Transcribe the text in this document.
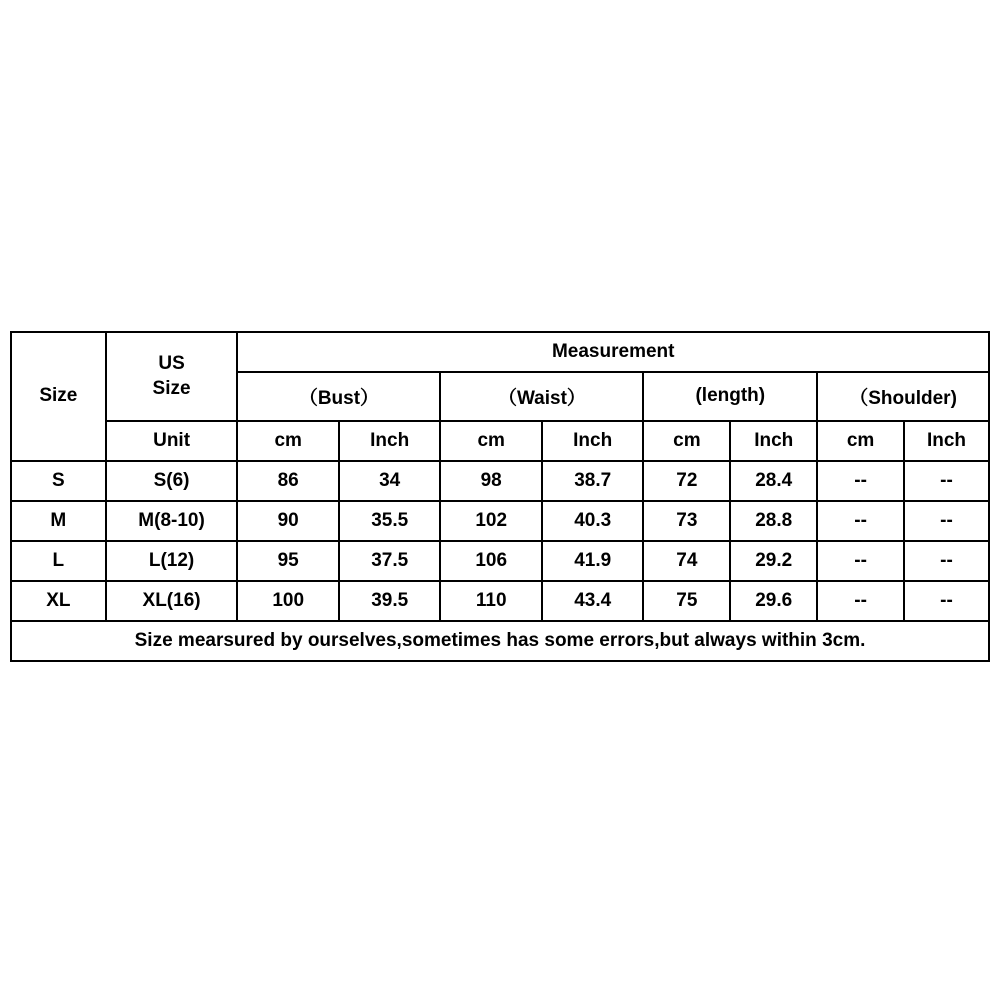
Size	US
Size	Measurement							
		（Bust）		（Waist）		(length)		（Shoulder)	
	Unit	cm	Inch	cm	Inch	cm	Inch	cm	Inch
S	S(6)	86	34	98	38.7	72	28.4	--	--
M	M(8-10)	90	35.5	102	40.3	73	28.8	--	--
L	L(12)	95	37.5	106	41.9	74	29.2	--	--
XL	XL(16)	100	39.5	110	43.4	75	29.6	--	--
Size mearsured by ourselves,sometimes has some errors,but always within 3cm.									
